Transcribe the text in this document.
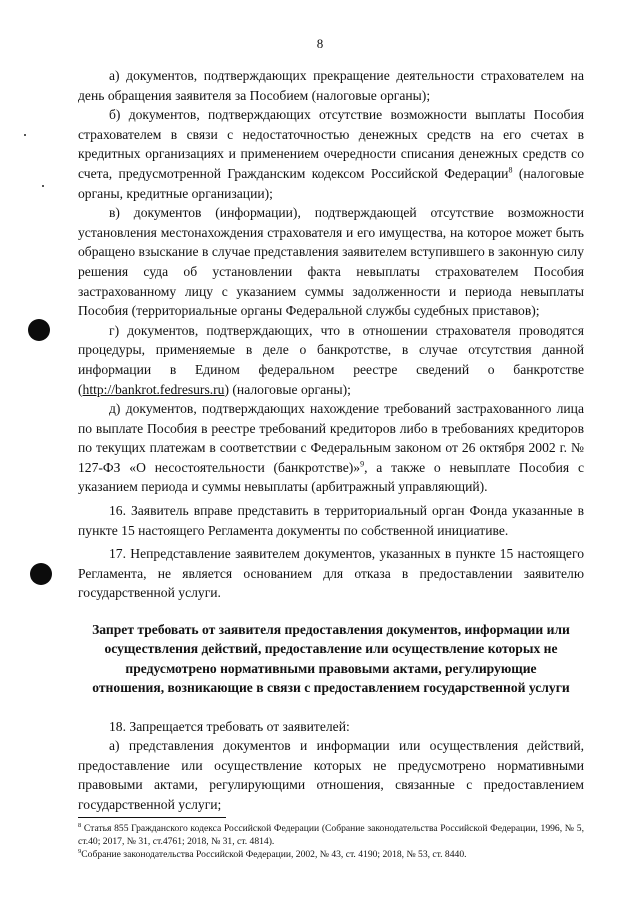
8

а) документов, подтверждающих прекращение деятельности страхователем на день обращения заявителя за Пособием (налоговые органы);

б) документов, подтверждающих отсутствие возможности выплаты Пособия страхователем в связи с недостаточностью денежных средств на его счетах в кредитных организациях и применением очередности списания денежных средств со счета, предусмотренной Гражданским кодексом Российской Федерации$^8$ (налоговые органы, кредитные организации);

в) документов (информации), подтверждающей отсутствие возможности установления местонахождения страхователя и его имущества, на которое может быть обращено взыскание в случае представления заявителем вступившего в законную силу решения суда об установлении факта невыплаты страхователем Пособия застрахованному лицу с указанием суммы задолженности и периода невыплаты Пособия (территориальные органы Федеральной службы судебных приставов);

г) документов, подтверждающих, что в отношении страхователя проводятся процедуры, применяемые в деле о банкротстве, в случае отсутствия данной информации в Едином федеральном реестре сведений о банкротстве (http://bankrot.fedresurs.ru) (налоговые органы);

д) документов, подтверждающих нахождение требований застрахованного лица по выплате Пособия в реестре требований кредиторов либо в требованиях кредиторов по текущих платежам в соответствии с Федеральным законом от 26 октября 2002 г. № 127-ФЗ «О несостоятельности (банкротстве)»$^9$, а также о невыплате Пособия с указанием периода и суммы невыплаты (арбитражный управляющий).

16. Заявитель вправе представить в территориальный орган Фонда указанные в пункте 15 настоящего Регламента документы по собственной инициативе.

17. Непредставление заявителем документов, указанных в пункте 15 настоящего Регламента, не является основанием для отказа в предоставлении заявителю государственной услуги.

Запрет требовать от заявителя предоставления документов, информации или осуществления действий, предоставление или осуществление которых не предусмотрено нормативными правовыми актами, регулирующие отношения, возникающие в связи с предоставлением государственной услуги

18. Запрещается требовать от заявителей:

а) представления документов и информации или осуществления действий, предоставление или осуществление которых не предусмотрено нормативными правовыми актами, регулирующими отношения, связанные с предоставлением государственной услуги;

$^8$ Статья 855 Гражданского кодекса Российской Федерации (Собрание законодательства Российской Федерации, 1996, № 5, ст.40; 2017, № 31, ст.4761; 2018, № 31, ст. 4814).

$^9$Собрание законодательства Российской Федерации, 2002, № 43, ст. 4190; 2018, № 53, ст. 8440.
